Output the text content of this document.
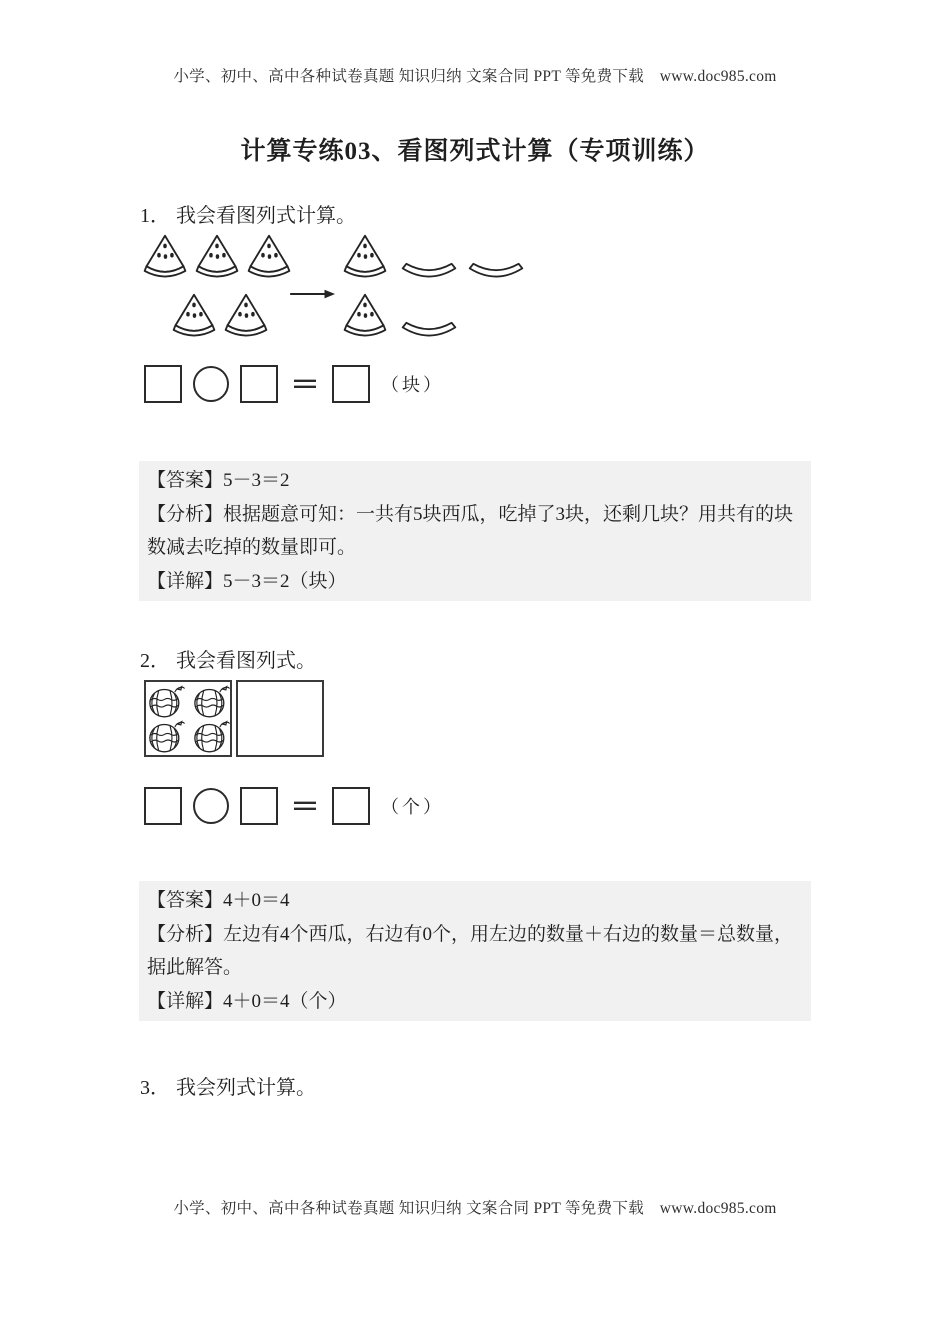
小学、初中、高中各种试卷真题 知识归纳 文案合同 PPT 等免费下载　www.doc985.com
计算专练03、看图列式计算（专项训练）
1． 我会看图列式计算。
＝	（块）

【答案】5－3＝2

【分析】根据题意可知：一共有5块西瓜，吃掉了3块，还剩几块？用共有的块数减去吃掉的数量即可。

【详解】5－3＝2（块）

2． 我会看图列式。
＝	（个）

【答案】4＋0＝4

【分析】左边有4个西瓜，右边有0个，用左边的数量＋右边的数量＝总数量，据此解答。

【详解】4＋0＝4（个）

3． 我会列式计算。
小学、初中、高中各种试卷真题 知识归纳 文案合同 PPT 等免费下载　www.doc985.com
